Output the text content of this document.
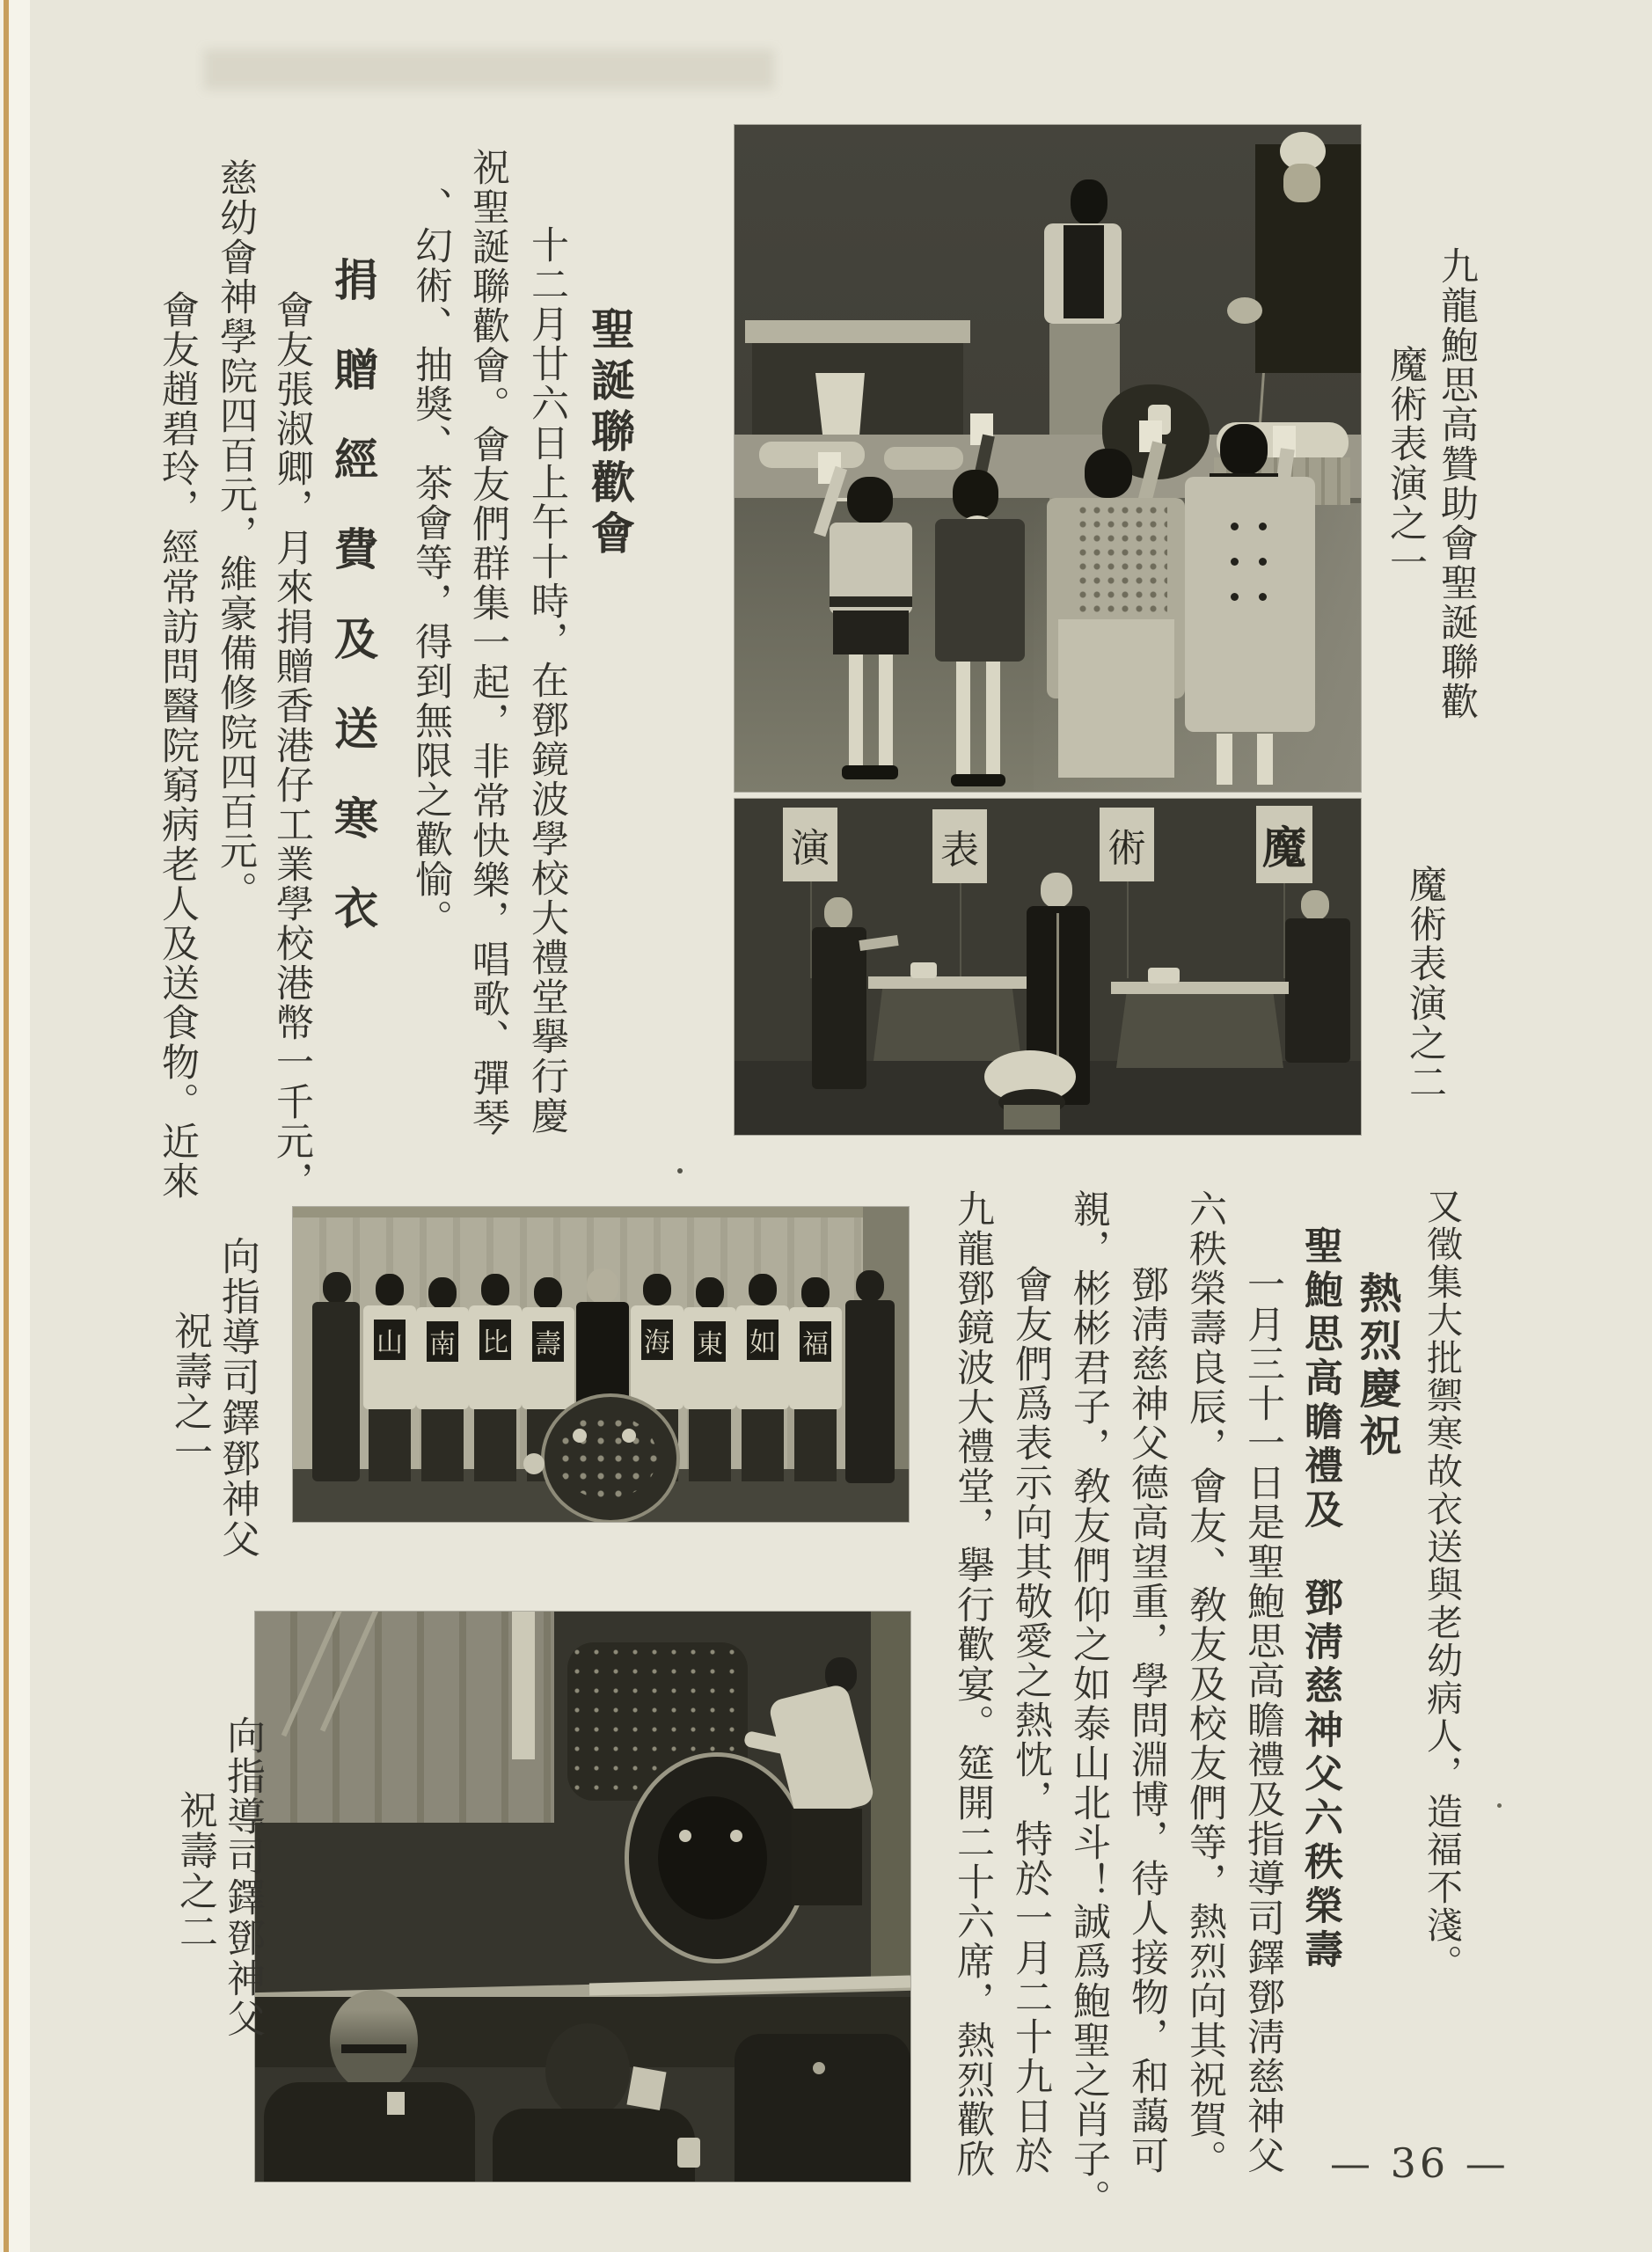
演	表	術	魔
山 南 比 壽	海 東 如 福
九龍鮑思高贊助會聖誕聯歡
魔術表演之一
魔術表演之二
向指導司鐸鄧神父
祝壽之一
向指導司鐸鄧神父
祝壽之二
聖誕聯歡會
十二月廿六日上午十時，在鄧鏡波學校大禮堂擧行慶
祝聖誕聯歡會。會友們群集一起，非常快樂，唱歌、彈琴
、幻術、抽獎、茶會等，得到無限之歡愉。
捐贈經費及送寒衣
會友張淑卿，月來捐贈香港仔工業學校港幣一千元，
慈幼會神學院四百元，維豪備修院四百元。
會友趙碧玲，經常訪問醫院窮病老人及送食物。近來
又徵集大批禦寒故衣送與老幼病人，造福不淺。
熱烈慶祝
聖鮑思高瞻禮及　鄧淸慈神父六秩榮壽
一月三十一日是聖鮑思高瞻禮及指導司鐸鄧淸慈神父
六秩榮壽良辰，會友、敎友及校友們等，熱烈向其祝賀。
鄧淸慈神父德高望重，學問淵博，待人接物，和藹可
親，彬彬君子，敎友們仰之如泰山北斗！誠爲鮑聖之肖子。
會友們爲表示向其敬愛之熱忱，特於一月二十九日於
九龍鄧鏡波大禮堂，擧行歡宴。筵開二十六席，熱烈歡欣	— 36 —
